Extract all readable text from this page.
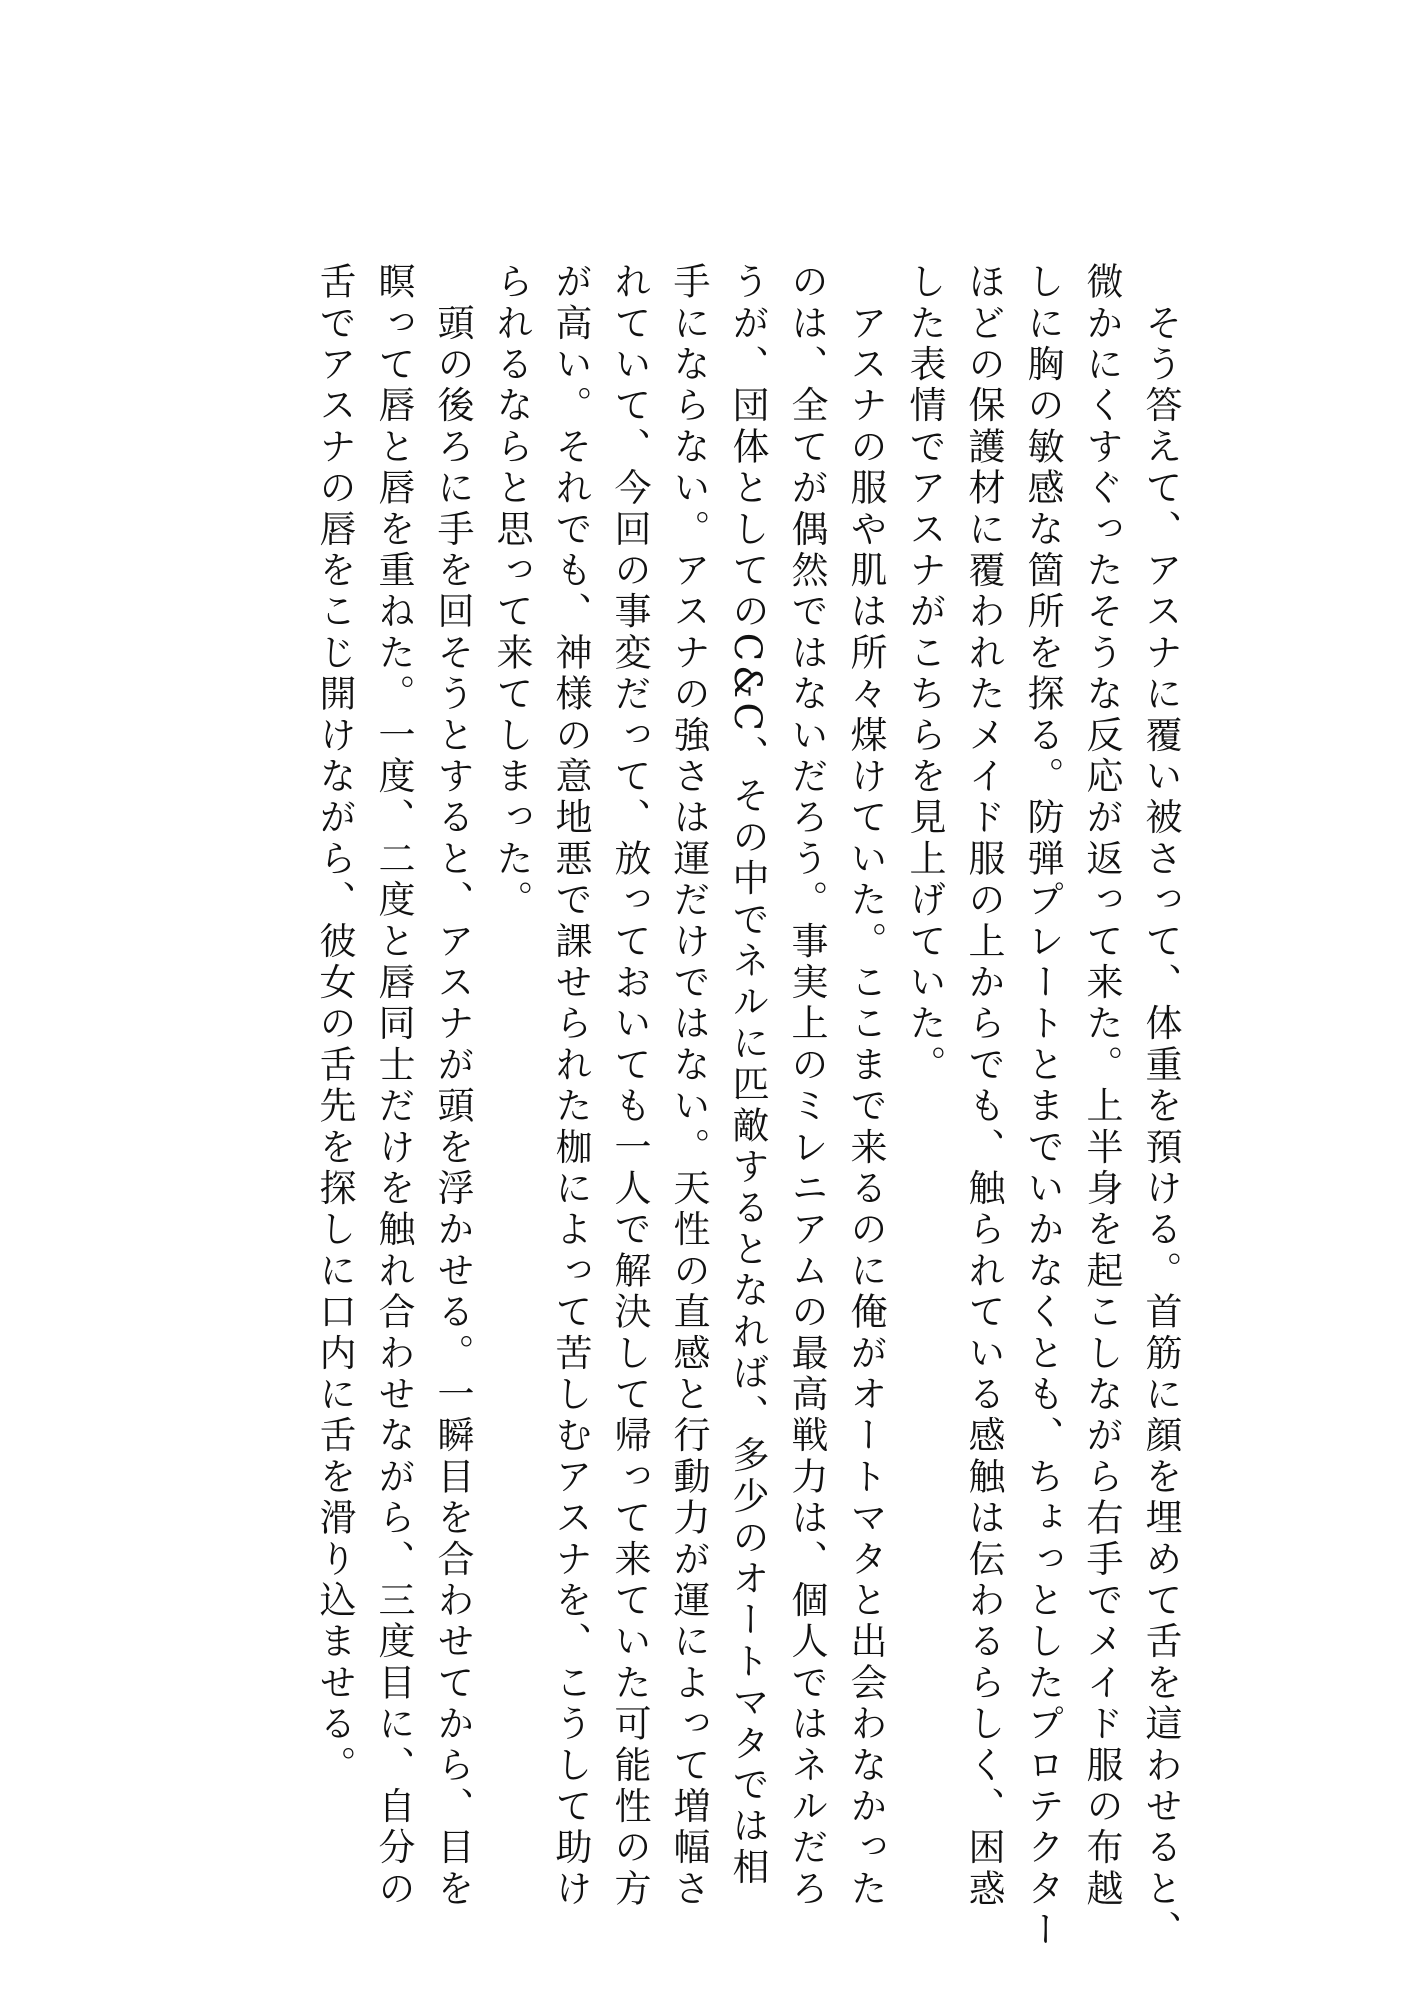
　そう答えて、アスナに覆い被さって、体重を預ける。首筋に顔を埋めて舌を這わせると、
微かにくすぐったそうな反応が返って来た。上半身を起こしながら右手でメイド服の布越
しに胸の敏感な箇所を探る。防弾プレートとまでいかなくとも、ちょっとしたプロテクター
ほどの保護材に覆われたメイド服の上からでも、触られている感触は伝わるらしく、困惑
した表情でアスナがこちらを見上げていた。
　アスナの服や肌は所々煤けていた。ここまで来るのに俺がオートマタと出会わなかった
のは、全てが偶然ではないだろう。事実上のミレニアムの最高戦力は、個人ではネルだろ
うが、団体としてのC&C、その中でネルに匹敵するとなれば、多少のオートマタでは相
手にならない。アスナの強さは運だけではない。天性の直感と行動力が運によって増幅さ
れていて、今回の事変だって、放っておいても一人で解決して帰って来ていた可能性の方
が高い。それでも、神様の意地悪で課せられた枷によって苦しむアスナを、こうして助け
られるならと思って来てしまった。
　頭の後ろに手を回そうとすると、アスナが頭を浮かせる。一瞬目を合わせてから、目を
瞑って唇と唇を重ねた。一度、二度と唇同士だけを触れ合わせながら、三度目に、自分の
舌でアスナの唇をこじ開けながら、彼女の舌先を探しに口内に舌を滑り込ませる。
